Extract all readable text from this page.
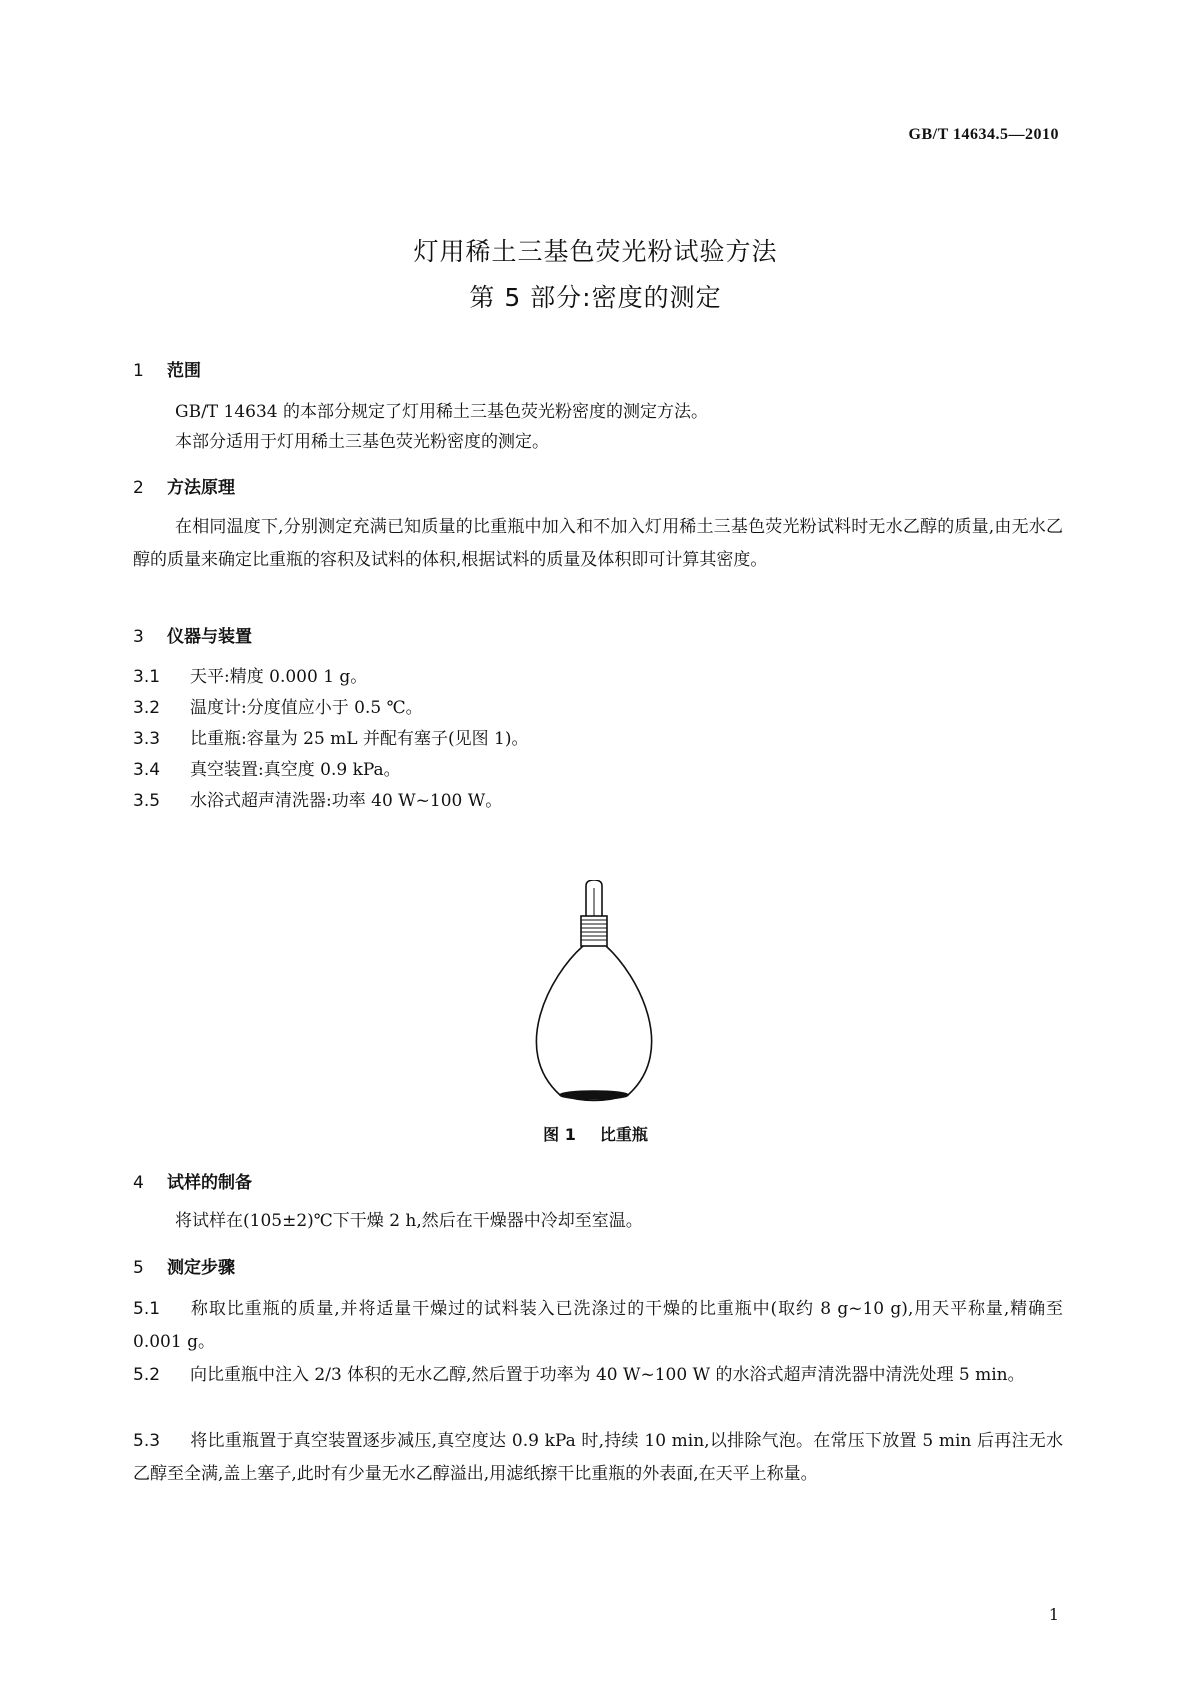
GB/T 14634.5—2010
灯用稀土三基色荧光粉试验方法
第 5 部分:密度的测定
1 范围
GB/T 14634 的本部分规定了灯用稀土三基色荧光粉密度的测定方法。
本部分适用于灯用稀土三基色荧光粉密度的测定。
2 方法原理
在相同温度下,分别测定充满已知质量的比重瓶中加入和不加入灯用稀土三基色荧光粉试料时无水乙醇的质量,由无水乙醇的质量来确定比重瓶的容积及试料的体积,根据试料的质量及体积即可计算其密度。
3 仪器与装置
3.1 天平:精度 0.000 1 g。
3.2 温度计:分度值应小于 0.5 ℃。
3.3 比重瓶:容量为 25 mL 并配有塞子(见图 1)。
3.4 真空装置:真空度 0.9 kPa。
3.5 水浴式超声清洗器:功率 40 W~100 W。
图 1 比重瓶
4 试样的制备
将试样在(105±2)℃下干燥 2 h,然后在干燥器中冷却至室温。
5 测定步骤
5.1 称取比重瓶的质量,并将适量干燥过的试料装入已洗涤过的干燥的比重瓶中(取约 8 g~10 g),用天平称量,精确至 0.001 g。
5.2 向比重瓶中注入 2/3 体积的无水乙醇,然后置于功率为 40 W~100 W 的水浴式超声清洗器中清洗处理 5 min。
5.3 将比重瓶置于真空装置逐步减压,真空度达 0.9 kPa 时,持续 10 min,以排除气泡。在常压下放置 5 min 后再注无水乙醇至全满,盖上塞子,此时有少量无水乙醇溢出,用滤纸擦干比重瓶的外表面,在天平上称量。
1
